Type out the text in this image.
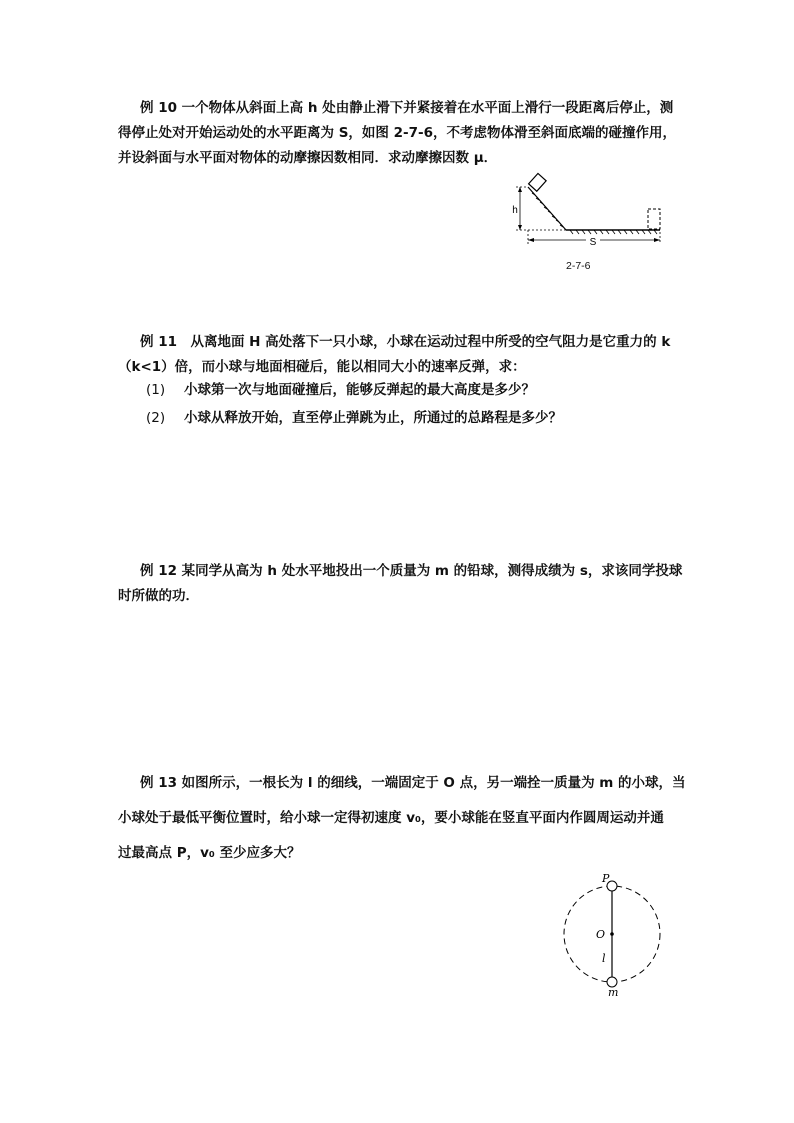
例 10 一个物体从斜面上高 h 处由静止滑下并紧接着在水平面上滑行一段距离后停止，测
得停止处对开始运动处的水平距离为 S，如图 2-7-6，不考虑物体滑至斜面底端的碰撞作用，
并设斜面与水平面对物体的动摩擦因数相同．求动摩擦因数 μ．
h
S
2-7-6
例 11　从离地面 H 高处落下一只小球，小球在运动过程中所受的空气阻力是它重力的 k
（k<1）倍，而小球与地面相碰后，能以相同大小的速率反弹，求：
(1) 小球第一次与地面碰撞后，能够反弹起的最大高度是多少？
(2) 小球从释放开始，直至停止弹跳为止，所通过的总路程是多少？
例 12 某同学从高为 h 处水平地投出一个质量为 m 的铅球，测得成绩为 s，求该同学投球
时所做的功．
例 13 如图所示，一根长为 l 的细线，一端固定于 O 点，另一端拴一质量为 m 的小球，当
小球处于最低平衡位置时，给小球一定得初速度 v₀，要小球能在竖直平面内作圆周运动并通
过最高点 P，v₀ 至少应多大？
P
O
l
m
